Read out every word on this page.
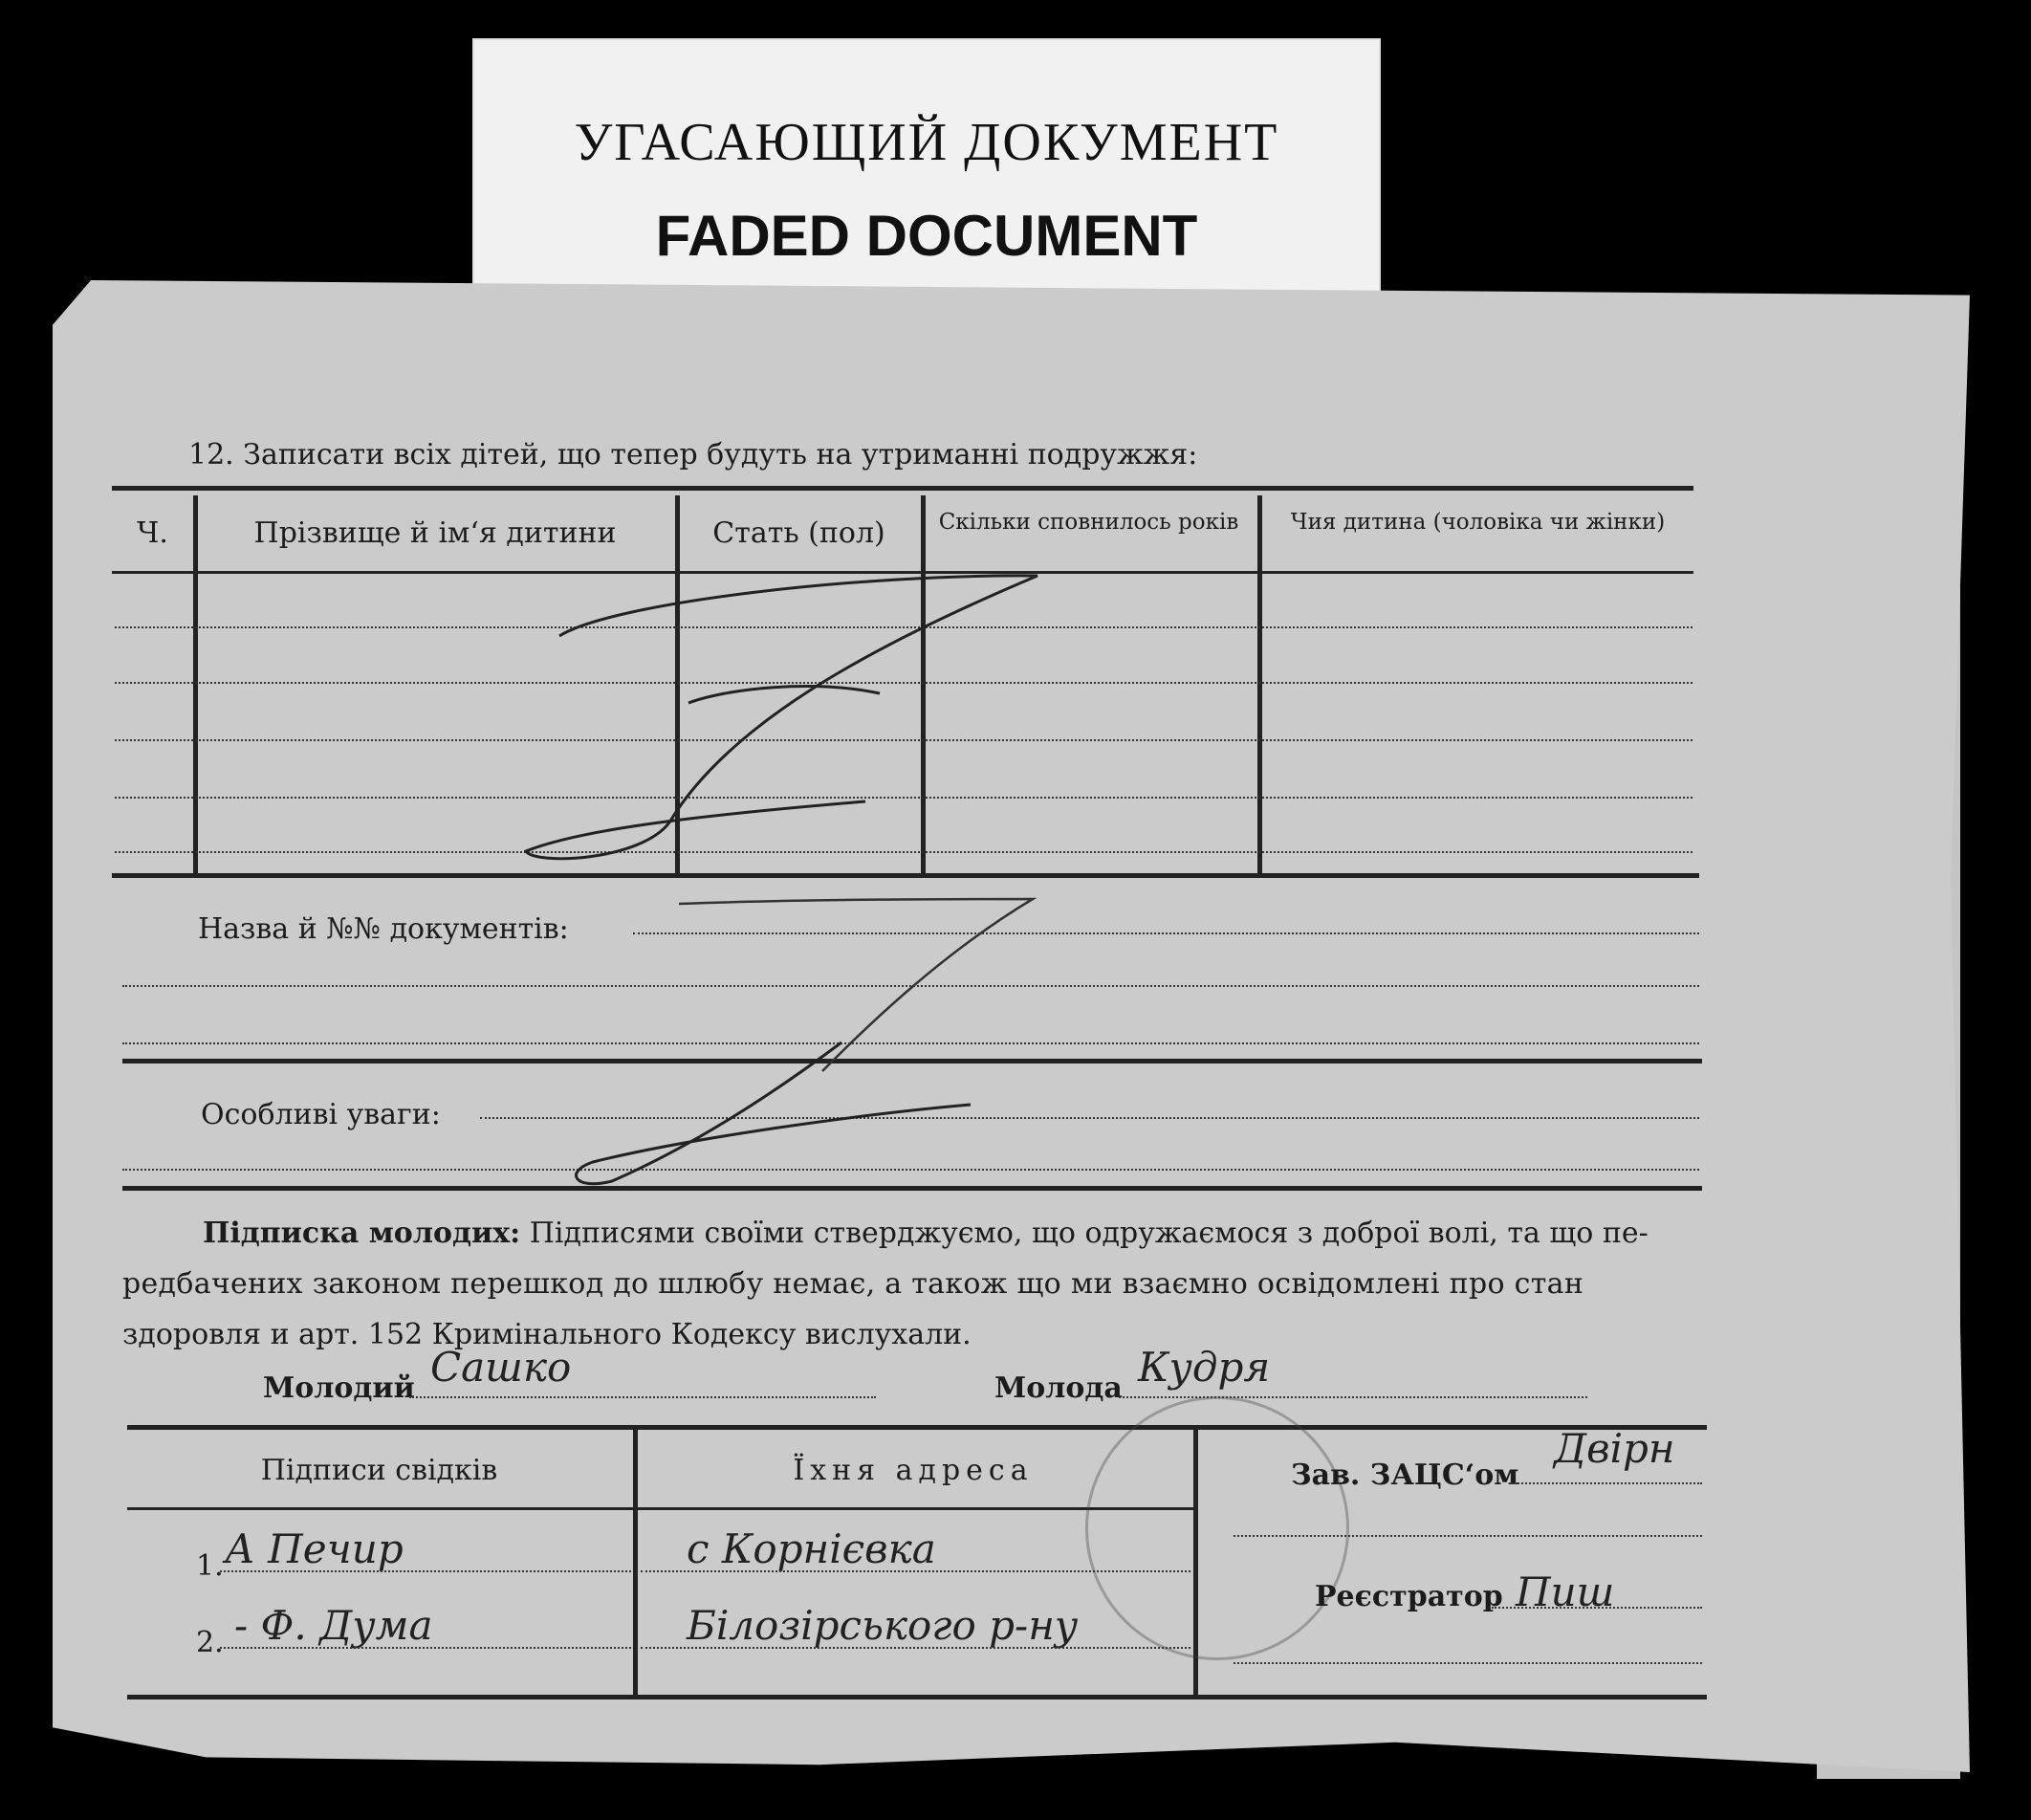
УГАСАЮЩИЙ ДОКУМЕНТ
FADED DOCUMENT
12. Записати всіх дітей, що тепер будуть на утриманні подружжя:
Ч.	Прізвище й ім‘я дитини	Стать (пол)	Скільки сповнилось років	Чия дитина (чоловіка чи жінки)
Назва й №№ документів:
Особливі уваги:
Підписка молодих: Підписями своїми стверджуємо, що одружаємося з доброї волі, та що пе-
редбачених законом перешкод до шлюбу немає, а також що ми взаємно освідомлені про стан
здоровля и арт. 152 Кримінального Кодексу вислухали.
Молодий Сашко	Молода Кудря
Підписи свідків	Їхня адреса
1. А Печир	с Корнієвка
2. - Ф. Дума	Білозірського р-ну
Зав. ЗАЦС‘ом
Двірн
Реєстратор Пиш
